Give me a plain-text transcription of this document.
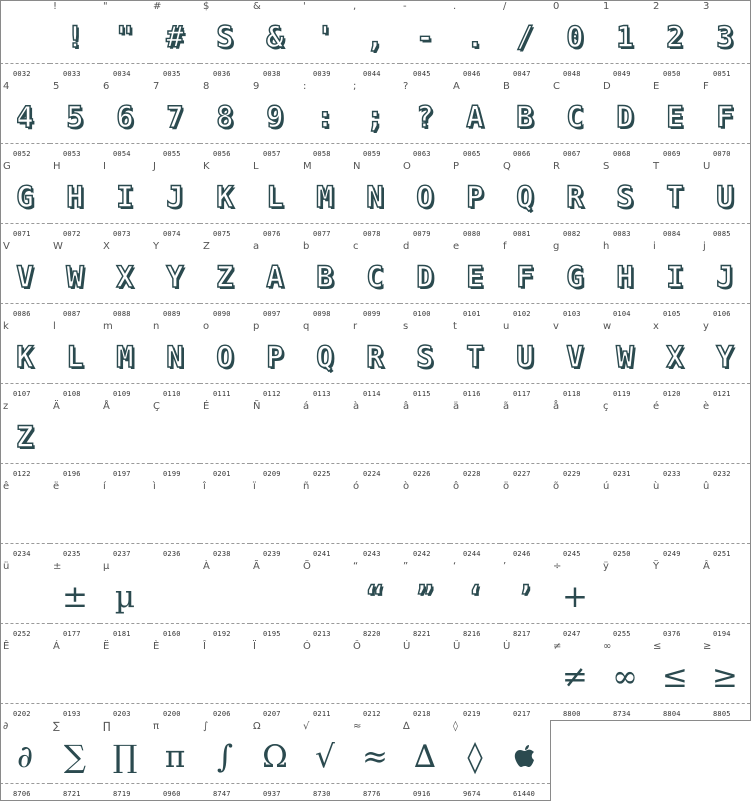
0032
!
!
0033
"
"
0034
#
#
0035
$
S
0036
&
&
0038
'
'
0039
,
,
0044
-
-
0045
.
.
0046
/
/
0047
0
0
0048
1
1
0049
2
2
0050
3
3
0051
4
4
0052
5
5
0053
6
6
0054
7
7
0055
8
8
0056
9
9
0057
:
:
0058
;
;
0059
?
?
0063
A
A
0065
B
B
0066
C
C
0067
D
D
0068
E
E
0069
F
F
0070
G
G
0071
H
H
0072
I
I
0073
J
J
0074
K
K
0075
L
L
0076
M
M
0077
N
N
0078
O
O
0079
P
P
0080
Q
Q
0081
R
R
0082
S
S
0083
T
T
0084
U
U
0085
V
V
0086
W
W
0087
X
X
0088
Y
Y
0089
Z
Z
0090
a
A
0097
b
B
0098
c
C
0099
d
D
0100
e
E
0101
f
F
0102
g
G
0103
h
H
0104
i
I
0105
j
J
0106
k
K
0107
l
L
0108
m
M
0109
n
N
0110
o
O
0111
p
P
0112
q
Q
0113
r
R
0114
s
S
0115
t
T
0116
u
U
0117
v
V
0118
w
W
0119
x
X
0120
y
Y
0121
z
Z
0122
Ä
0196
Å
0197
Ç
0199
É
0201
Ñ
0209
á
0225
à
0224
â
0226
ä
0228
ã
0227
å
0229
ç
0231
é
0233
è
0232
ê
0234
ë
0235
í
0237
ì
0236
î
0238
ï
0239
ñ
0241
ó
0243
ò
0242
ô
0244
ö
0246
õ
0245
ú
0250
ù
0249
û
0251
ü
0252
±
±
0177
µ
µ
0181	0160
À
0192
Ã
0195
Õ
0213
“
“
8220
”
”
8221
‘
‘
8216
’
’
8217
÷
+
0247
ÿ
0255
Ÿ
0376
Â
0194
Ê
0202
Á
0193
Ë
0203
È
0200
Î
0206
Ï
0207
Ó
0211
Ô
0212
Ú
0218
Û
0219
Ù
0217
≠
≠
8800
∞
∞
8734
≤
≤
8804
≥
≥
8805
∂
∂
8706
∑
∑
8721
∏
∏
8719
π
π
0960
∫
∫
8747
Ω
Ω
0937
√
√
8730
≈
≈
8776
∆
∆
0916
◊
◊
9674	61440
